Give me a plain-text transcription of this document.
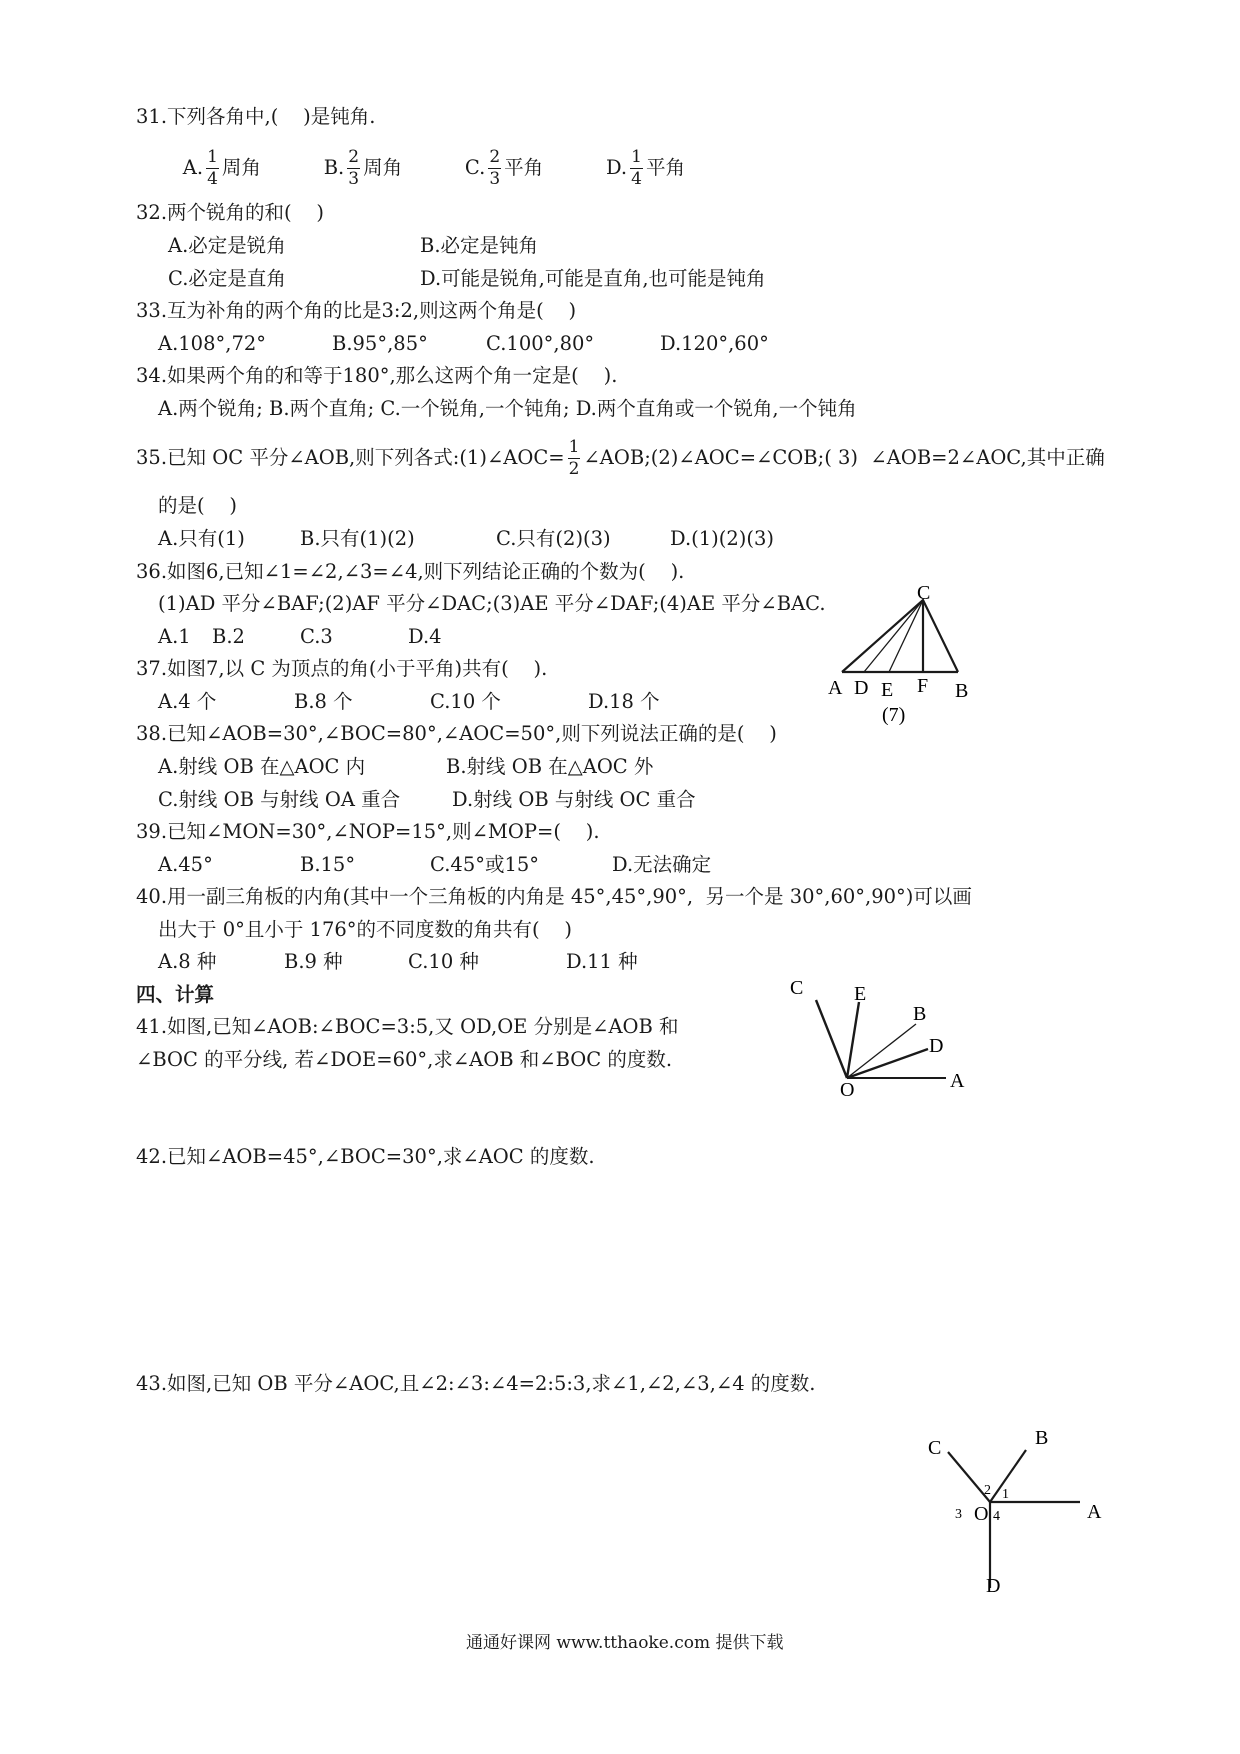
31.下列各角中,(    )是钝角.

A. $\frac{1}{4}$ 周角
	B. $\frac{2}{3}$ 周角
	C. $\frac{2}{3}$ 平角
	D. $\frac{1}{4}$ 平角

32.两个锐角的和(    )
A.必定是锐角	B.必定是钝角
C.必定是直角	D.可能是锐角,可能是直角,也可能是钝角
33.互为补角的两个角的比是3:2,则这两个角是(    )
A.108°,72°	B.95°,85°	C.100°,80°	D.120°,60°
34.如果两个角的和等于180°,那么这两个角一定是(    ).
A.两个锐角; B.两个直角; C.一个锐角,一个钝角; D.两个直角或一个锐角,一个钝角
35.已知 OC 平分∠AOB,则下列各式:(1)∠AOC= $\frac{1}{2}$ ∠AOB;(2)∠AOC=∠COB;( 3)  ∠AOB=2∠AOC,其中正确
的是(    )
A.只有(1)	B.只有(1)(2)	C.只有(2)(3)	D.(1)(2)(3)
36.如图6,已知∠1=∠2,∠3=∠4,则下列结论正确的个数为(    ).
(1)AD 平分∠BAF;(2)AF 平分∠DAC;(3)AE 平分∠DAF;(4)AE 平分∠BAC.
A.1 B.2	C.3	D.4
C
A D E F B
(7)
37.如图7,以 C 为顶点的角(小于平角)共有(    ).
A.4 个	B.8 个	C.10 个	D.18 个
38.已知∠AOB=30°,∠BOC=80°,∠AOC=50°,则下列说法正确的是(    )
A.射线 OB 在△AOC 内	B.射线 OB 在△AOC 外
C.射线 OB 与射线 OA 重合	D.射线 OB 与射线 OC 重合
39.已知∠MON=30°,∠NOP=15°,则∠MOP=(    ).
A.45°	B.15°	C.45°或15°	D.无法确定
40.用一副三角板的内角(其中一个三角板的内角是 45°,45°,90°,  另一个是 30°,60°,90°)可以画
出大于 0°且小于 176°的不同度数的角共有(    )
A.8 种	B.9 种	C.10 种	D.11 种
四、计算
41.如图,已知∠AOB:∠BOC=3:5,又 OD,OE 分别是∠AOB 和
∠BOC 的平分线, 若∠DOE=60°,求∠AOB 和∠BOC 的度数.
C	E
B
D
O	A
42.已知∠AOB=45°,∠BOC=30°,求∠AOC 的度数.
43.如图,已知 OB 平分∠AOC,且∠2:∠3:∠4=2:5:3,求∠1,∠2,∠3,∠4 的度数.
C	B
A
O
D
1
2
3 4
通通好课网 www.tthaoke.com 提供下载
